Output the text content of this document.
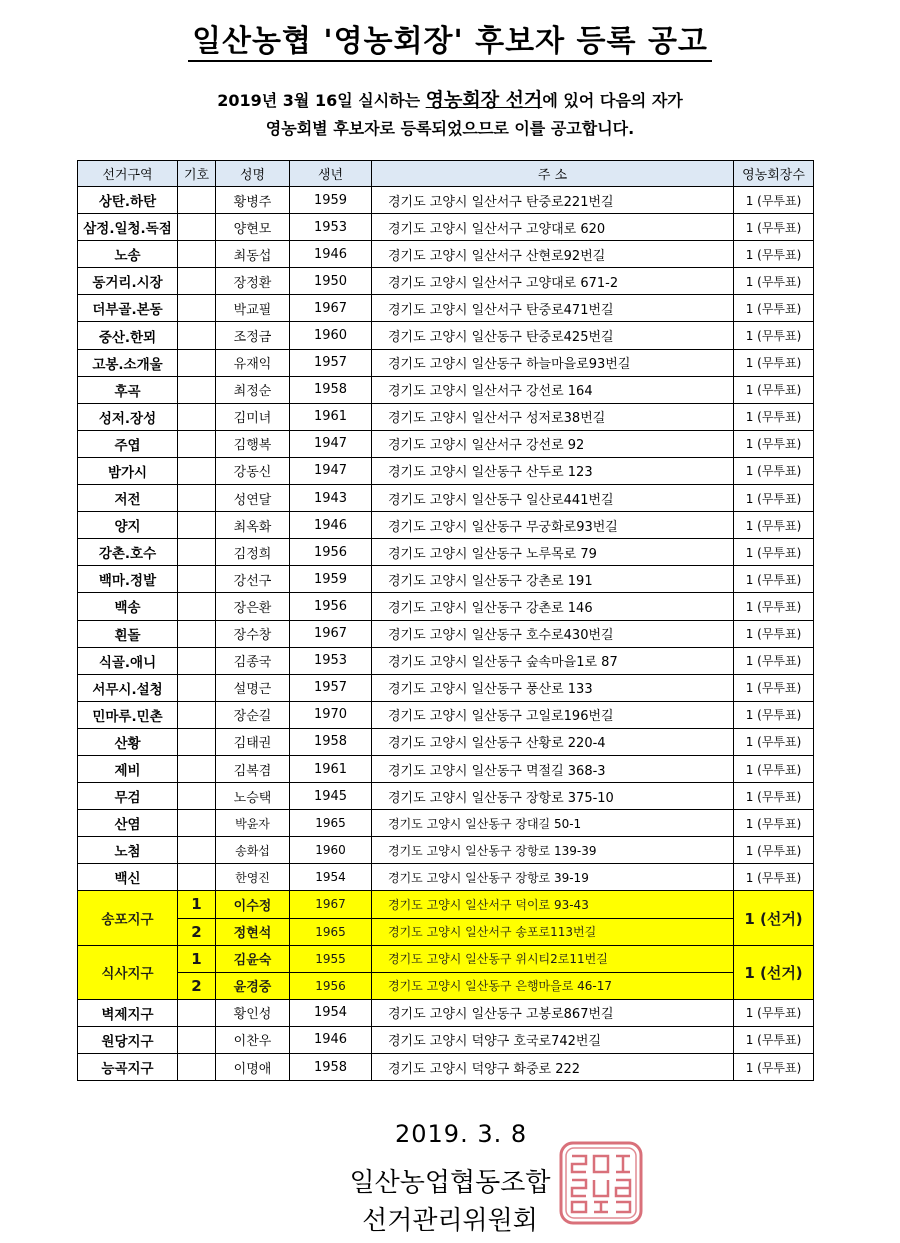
일산농협 '영농회장' 후보자 등록 공고
2019년 3월 16일 실시하는 영농회장 선거에 있어 다음의 자가
영농회별 후보자로 등록되었으므로 이를 공고합니다.
선거구역	기호	성명	생년	주 소	영농회장수
상탄.하탄		황병주	1959	경기도 고양시 일산서구 탄중로221번길	1 (무투표)
삼정.일청.독점		양현모	1953	경기도 고양시 일산서구 고양대로 620	1 (무투표)
노송		최동섭	1946	경기도 고양시 일산서구 산현로92번길	1 (무투표)
동거리.시장		장정환	1950	경기도 고양시 일산서구 고양대로 671-2	1 (무투표)
더부골.본동		박교필	1967	경기도 고양시 일산서구 탄중로471번길	1 (무투표)
중산.한뫼		조정금	1960	경기도 고양시 일산동구 탄중로425번길	1 (무투표)
고봉.소개울		유재익	1957	경기도 고양시 일산동구 하늘마을로93번길	1 (무투표)
후곡		최정순	1958	경기도 고양시 일산서구 강선로 164	1 (무투표)
성저.장성		김미녀	1961	경기도 고양시 일산서구 성저로38번길	1 (무투표)
주엽		김행복	1947	경기도 고양시 일산서구 강선로 92	1 (무투표)
밤가시		강동신	1947	경기도 고양시 일산동구 산두로 123	1 (무투표)
저전		성연달	1943	경기도 고양시 일산동구 일산로441번길	1 (무투표)
양지		최옥화	1946	경기도 고양시 일산동구 무궁화로93번길	1 (무투표)
강촌.호수		김정희	1956	경기도 고양시 일산동구 노루목로 79	1 (무투표)
백마.정발		강선구	1959	경기도 고양시 일산동구 강촌로 191	1 (무투표)
백송		장은환	1956	경기도 고양시 일산동구 강촌로 146	1 (무투표)
흰돌		장수창	1967	경기도 고양시 일산동구 호수로430번길	1 (무투표)
식골.애니		김종국	1953	경기도 고양시 일산동구 숲속마을1로 87	1 (무투표)
서무시.설청		설명근	1957	경기도 고양시 일산동구 풍산로 133	1 (무투표)
민마루.민촌		장순길	1970	경기도 고양시 일산동구 고일로196번길	1 (무투표)
산황		김태권	1958	경기도 고양시 일산동구 산황로 220-4	1 (무투표)
제비		김복겸	1961	경기도 고양시 일산동구 멱절길 368-3	1 (무투표)
무검		노승택	1945	경기도 고양시 일산동구 장항로 375-10	1 (무투표)
산염		박윤자	1965	경기도 고양시 일산동구 장대길 50-1	1 (무투표)
노첨		송화섭	1960	경기도 고양시 일산동구 장항로 139-39	1 (무투표)
백신		한영진	1954	경기도 고양시 일산동구 장항로 39-19	1 (무투표)
송포지구	1	이수정	1967	경기도 고양시 일산서구 덕이로 93-43	1 (선거)
	2	정현석	1965	경기도 고양시 일산서구 송포로113번길	
식사지구	1	김윤숙	1955	경기도 고양시 일산동구 위시티2로11번길	1 (선거)
	2	윤경중	1956	경기도 고양시 일산동구 은행마을로 46-17	
벽제지구		황인성	1954	경기도 고양시 일산동구 고봉로867번길	1 (무투표)
원당지구		이찬우	1946	경기도 고양시 덕양구 호국로742번길	1 (무투표)
능곡지구		이명애	1958	경기도 고양시 덕양구 화중로 222	1 (무투표)
2019. 3. 8
일산농업협동조합
선거관리위원회
